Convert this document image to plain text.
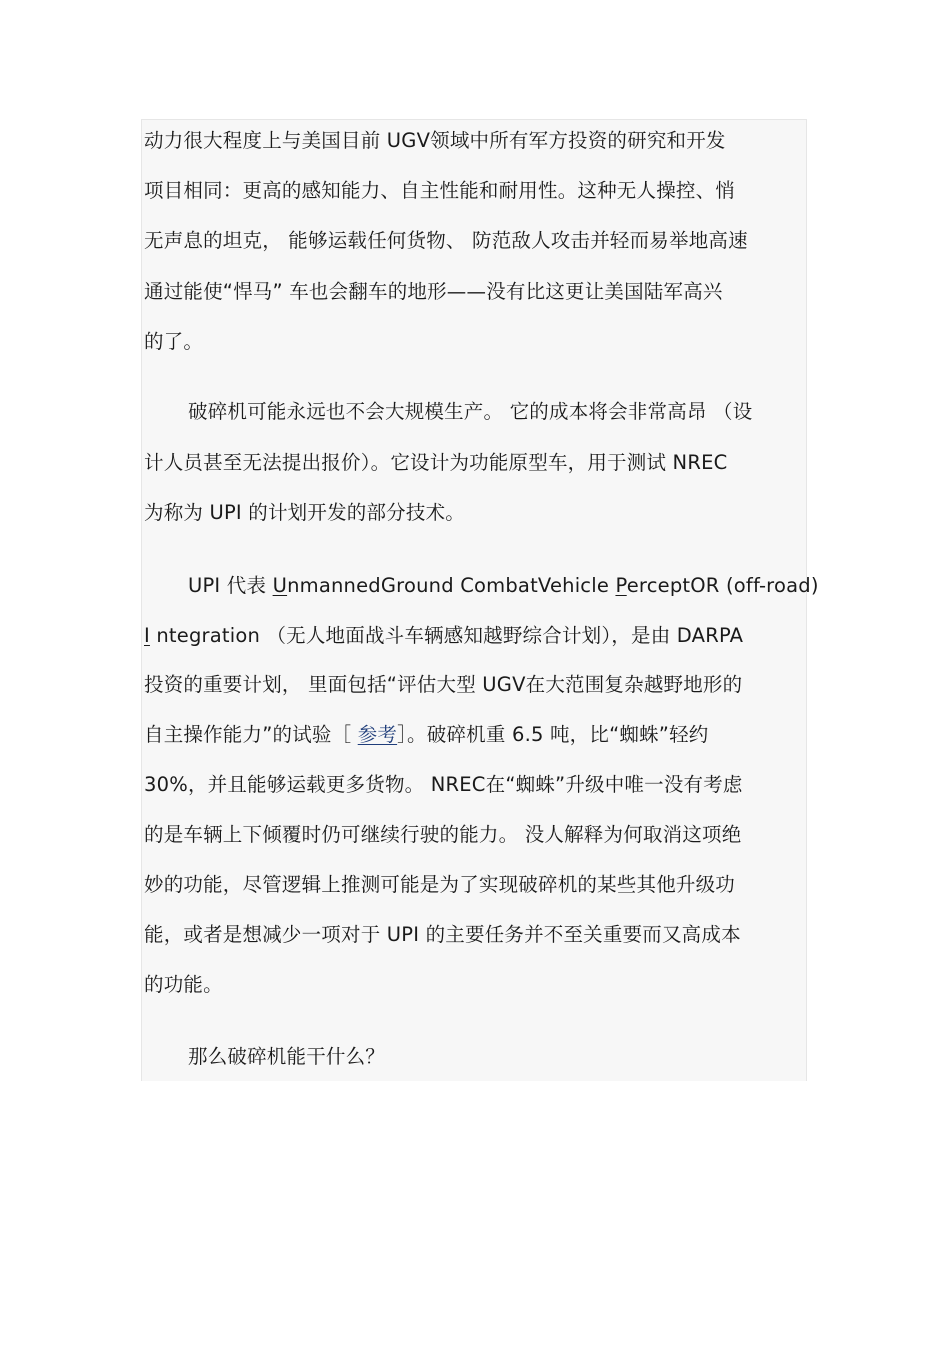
动力很大程度上与美国目前 UGV领域中所有军方投资的研究和开发
项目相同：更高的感知能力、自主性能和耐用性。这种无人操控、悄
无声息的坦克， 能够运载任何货物、 防范敌人攻击并轻而易举地高速
通过能使“悍马” 车也会翻车的地形——没有比这更让美国陆军高兴
的了。
破碎机可能永远也不会大规模生产。 它的成本将会非常高昂 （设
计人员甚至无法提出报价）。它设计为功能原型车，用于测试 NREC
为称为 UPI 的计划开发的部分技术。
UPI 代表 UnmannedGround CombatVehicle PerceptOR (off-road)
I ntegration （无人地面战斗车辆感知越野综合计划），是由 DARPA
投资的重要计划， 里面包括“评估大型 UGV在大范围复杂越野地形的
自主操作能力”的试验［ 参考］。破碎机重 6.5 吨，比“蜘蛛”轻约
30%，并且能够运载更多货物。 NREC在“蜘蛛”升级中唯一没有考虑
的是车辆上下倾覆时仍可继续行驶的能力。 没人解释为何取消这项绝
妙的功能，尽管逻辑上推测可能是为了实现破碎机的某些其他升级功
能，或者是想减少一项对于 UPI 的主要任务并不至关重要而又高成本
的功能。
那么破碎机能干什么？
